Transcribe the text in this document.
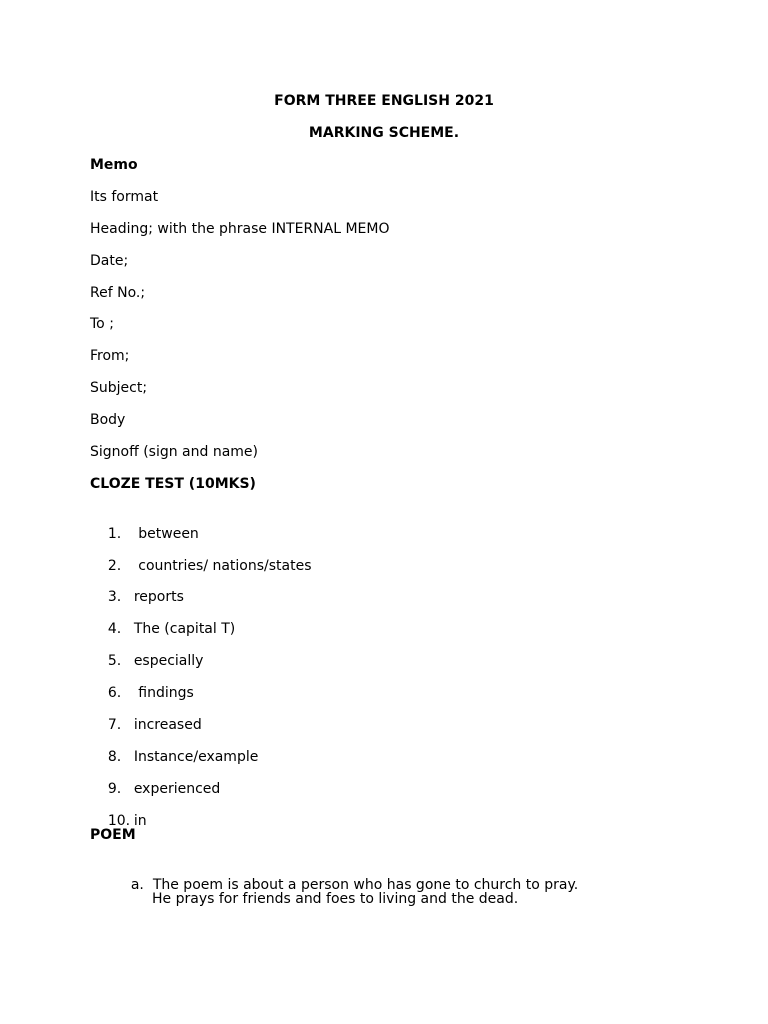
FORM THREE ENGLISH 2021
MARKING SCHEME.
Memo
Its format
Heading; with the phrase INTERNAL MEMO
Date;
Ref No.;
To ;
From;
Subject;
Body
Signoff (sign and name)
CLOZE TEST (10MKS)

1. between

2. countries/ nations/states

3. reports

4. The (capital T)

5. especially

6. findings

7. increased

8. Instance/example

9. experienced

10. in

POEM

a. The poem is about a person who has gone to church to pray.

He prays for friends and foes to living and the dead.
